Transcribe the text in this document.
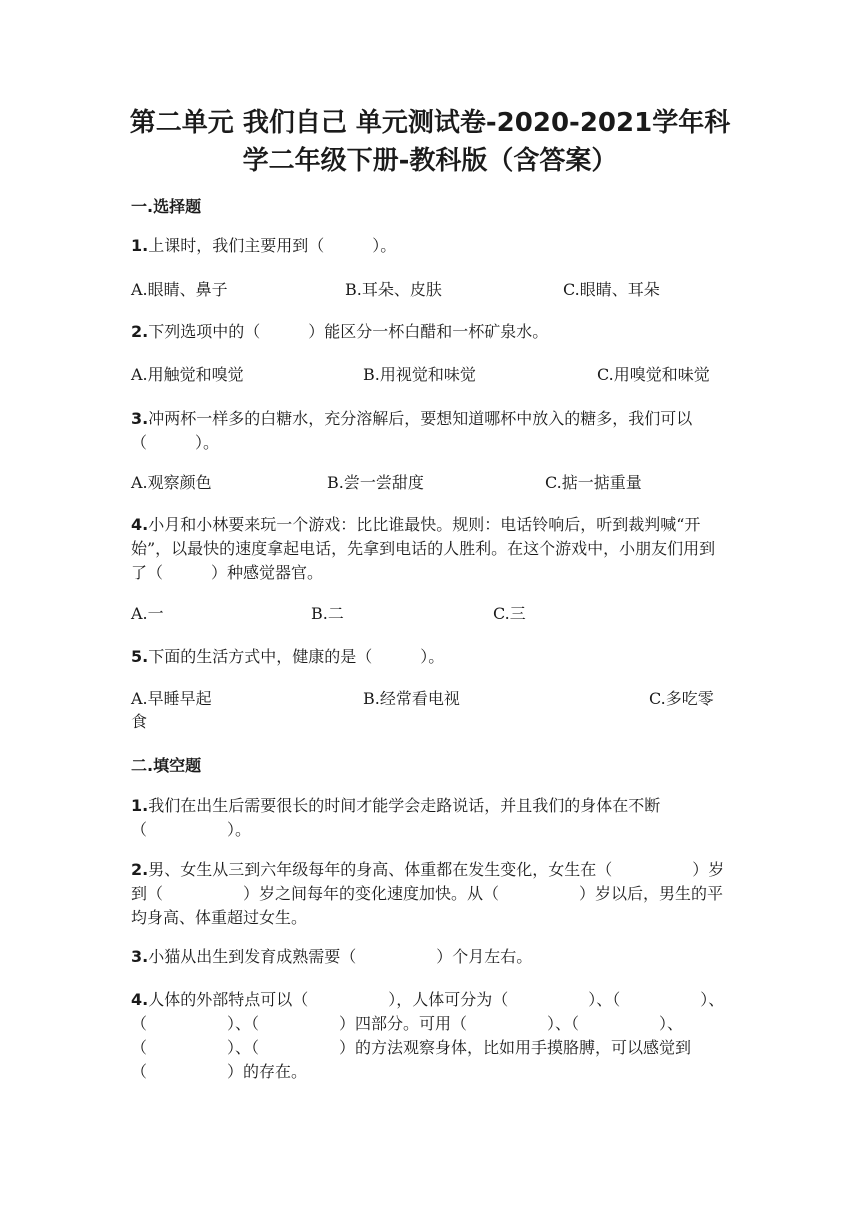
第二单元 我们自己 单元测试卷-2020-2021学年科
学二年级下册-教科版（含答案）
一.选择题
1.上课时，我们主要用到（　　　）。
A.眼睛、鼻子	B.耳朵、皮肤	C.眼睛、耳朵
2.下列选项中的（　　　）能区分一杯白醋和一杯矿泉水。
A.用触觉和嗅觉	B.用视觉和味觉	C.用嗅觉和味觉
3.冲两杯一样多的白糖水，充分溶解后，要想知道哪杯中放入的糖多，我们可以（　　　）。
A.观察颜色	B.尝一尝甜度	C.掂一掂重量
4.小月和小林要来玩一个游戏：比比谁最快。规则：电话铃响后，听到裁判喊“开始”，以最快的速度拿起电话，先拿到电话的人胜利。在这个游戏中，小朋友们用到了（　　　）种感觉器官。
A.一	B.二	C.三
5.下面的生活方式中，健康的是（　　　）。
A.早睡早起	B.经常看电视	C.多吃零
食
二.填空题
1.我们在出生后需要很长的时间才能学会走路说话，并且我们的身体在不断（　　　　　）。
2.男、女生从三到六年级每年的身高、体重都在发生变化，女生在（　　　　　）岁到（　　　　　）岁之间每年的变化速度加快。从（　　　　　）岁以后，男生的平均身高、体重超过女生。
3.小猫从出生到发育成熟需要（　　　　　）个月左右。
4.人体的外部特点可以（　　　　　），人体可分为（　　　　　）、（　　　　　）、（　　　　　）、（　　　　　）四部分。可用（　　　　　）、（　　　　　）、（　　　　　）、（　　　　　）的方法观察身体，比如用手摸胳膊，可以感觉到（　　　　　）的存在。
